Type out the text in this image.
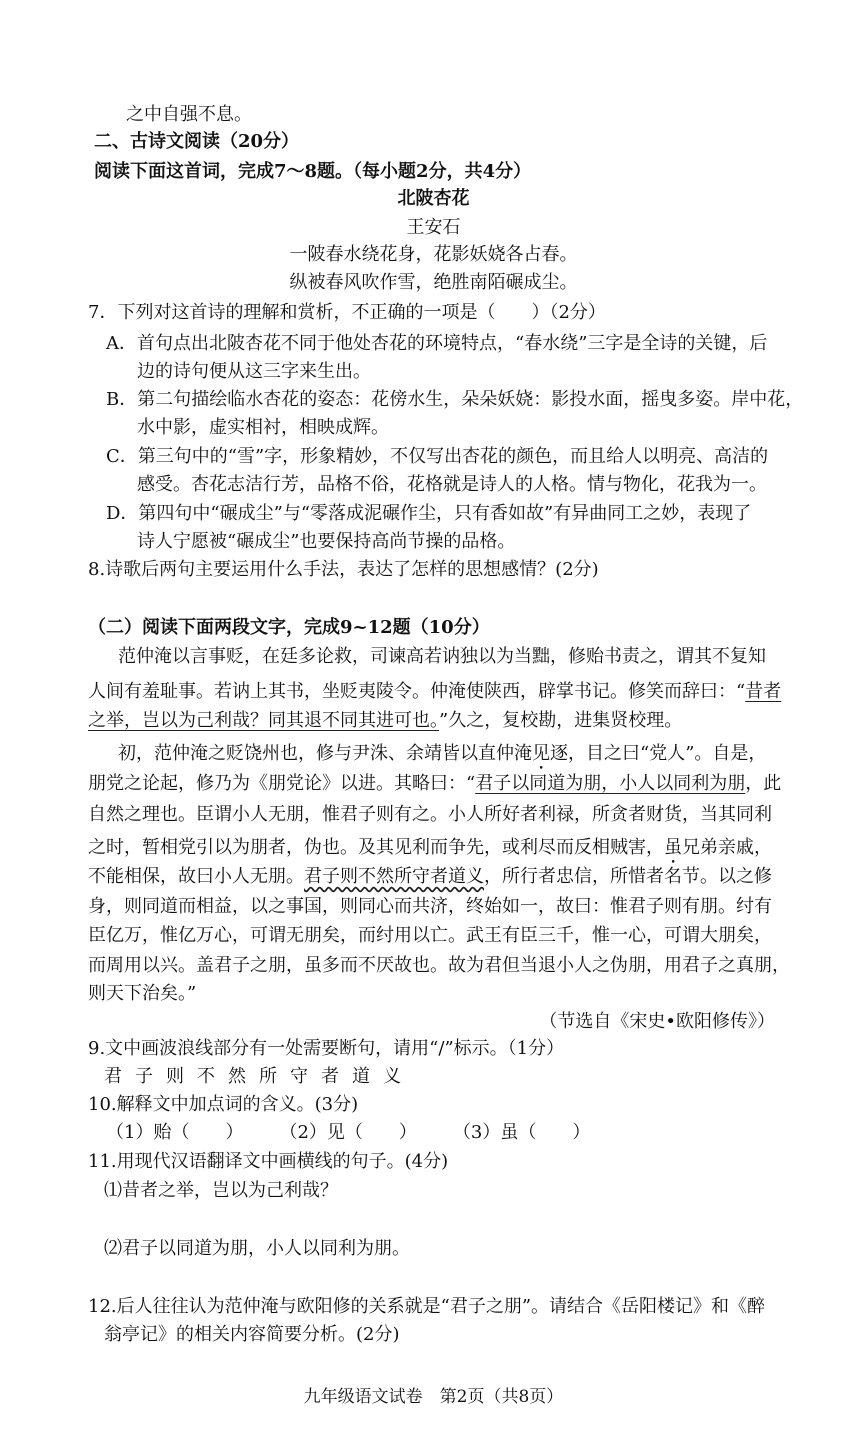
之中自强不息。
二、古诗文阅读（20分）
阅读下面这首词，完成7～8题。（每小题2分，共4分）
北陂杏花
王安石
一陂春水绕花身，花影妖娆各占春。
纵被春风吹作雪，绝胜南陌碾成尘。
7．下列对这首诗的理解和赏析，不正确的一项是（　　）（2分）
A．首句点出北陂杏花不同于他处杏花的环境特点，“春水绕”三字是全诗的关键，后
边的诗句便从这三字来生出。
B．第二句描绘临水杏花的姿态：花傍水生，朵朵妖娆：影投水面，摇曳多姿。岸中花，
水中影，虚实相衬，相映成辉。
C．第三句中的“雪”字，形象精妙，不仅写出杏花的颜色，而且给人以明亮、高洁的
感受。杏花志洁行芳，品格不俗，花格就是诗人的人格。情与物化，花我为一。
D．第四句中“碾成尘”与“零落成泥碾作尘，只有香如故”有异曲同工之妙，表现了
诗人宁愿被“碾成尘”也要保持高尚节操的品格。
8.诗歌后两句主要运用什么手法，表达了怎样的思想感情？(2分)
（二）阅读下面两段文字，完成9~12题（10分）
范仲淹以言事贬，在廷多论救，司谏高若讷独以为当黜，修贻书责之，谓其不复知
人间有羞耻事。若讷上其书，坐贬夷陵令。仲淹使陕西，辟掌书记。修笑而辞曰：“昔者
之举，岂以为己利哉？同其退不同其进可也。”久之，复校勘，进集贤校理。
初，范仲淹之贬饶州也，修与尹洙、余靖皆以直仲淹见逐，目之曰“党人”。自是，
朋党之论起，修乃为《朋党论》以进。其略曰：“君子以同道为朋，小人以同利为朋，此
自然之理也。臣谓小人无朋，惟君子则有之。小人所好者利禄，所贪者财货，当其同利
之时，暂相党引以为朋者，伪也。及其见利而争先，或利尽而反相贼害，虽兄弟亲戚，
不能相保，故曰小人无朋。君子则不然所守者道义，所行者忠信，所惜者名节。以之修
身，则同道而相益，以之事国，则同心而共济，终始如一，故曰：惟君子则有朋。纣有
臣亿万，惟亿万心，可谓无朋矣，而纣用以亡。武王有臣三千，惟一心，可谓大朋矣，
而周用以兴。盖君子之朋，虽多而不厌故也。故为君但当退小人之伪朋，用君子之真朋，
则天下治矣。”
（节选自《宋史•欧阳修传》）
9.文中画波浪线部分有一处需要断句，请用“/”标示。（1分）
君子则不然所守者道义
10.解释文中加点词的含义。(3分)
（1）贻（　　）　　　（2）见（　　）　　　（3）虽（　　）
11.用现代汉语翻译文中画横线的句子。(4分)
⑴昔者之举，岂以为己利哉？
⑵君子以同道为朋，小人以同利为朋。
12.后人往往认为范仲淹与欧阳修的关系就是“君子之朋”。请结合《岳阳楼记》和《醉
翁亭记》的相关内容简要分析。(2分)
九年级语文试卷　第2页（共8页）
